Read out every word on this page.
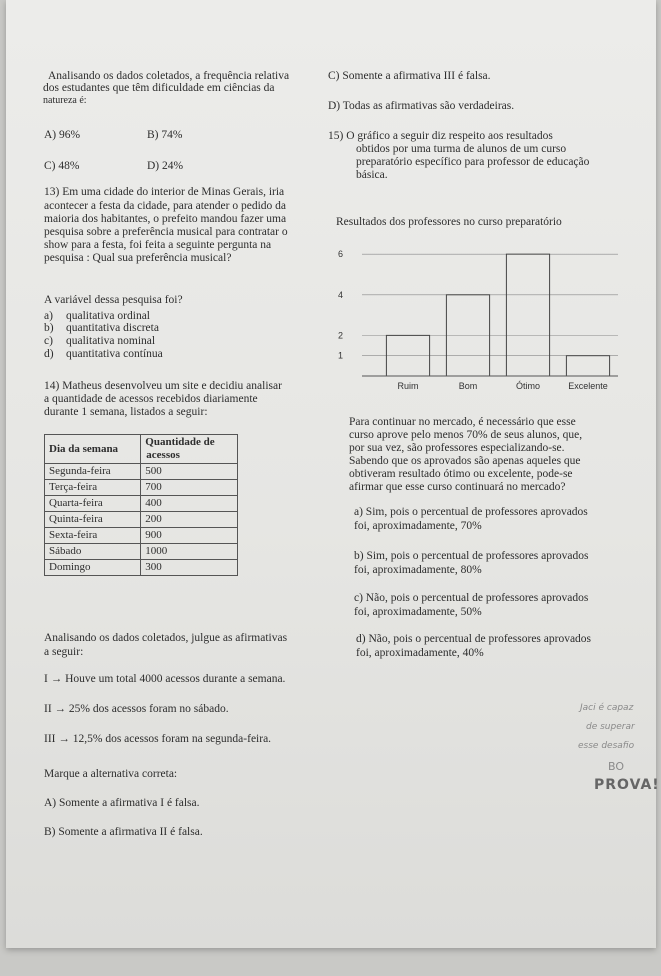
Analisando os dados coletados, a frequência relativa
dos estudantes que têm dificuldade em ciências da
natureza é:
A) 96%	B) 74%
C) 48%	D) 24%
13) Em uma cidade do interior de Minas Gerais, iria
acontecer a festa da cidade, para atender o pedido da
maioria dos habitantes, o prefeito mandou fazer uma
pesquisa sobre a preferência musical para contratar o
show para a festa, foi feita a seguinte pergunta na
pesquisa : Qual sua preferência musical?
A variável dessa pesquisa foi?
a) qualitativa ordinal
b) quantitativa discreta
c) qualitativa nominal
d) quantitativa contínua
14) Matheus desenvolveu um site e decidiu analisar
a quantidade de acessos recebidos diariamente
durante 1 semana, listados a seguir:
Dia da semana	Quantidade de
acessos
Segunda-feira	500
Terça-feira	700
Quarta-feira	400
Quinta-feira	200
Sexta-feira	900
Sábado	1000
Domingo	300
Analisando os dados coletados, julgue as afirmativas
a seguir:
I → Houve um total 4000 acessos durante a semana.
II → 25% dos acessos foram no sábado.
III → 12,5% dos acessos foram na segunda-feira.
Marque a alternativa correta:
A) Somente a afirmativa I é falsa.
B) Somente a afirmativa II é falsa.
C) Somente a afirmativa III é falsa.
D) Todas as afirmativas são verdadeiras.
15) O gráfico a seguir diz respeito aos resultados
obtidos por uma turma de alunos de um curso
preparatório específico para professor de educação
básica.
Resultados dos professores no curso preparatório
1
2
4
6
Ruim	Bom	Ótimo	Excelente
Para continuar no mercado, é necessário que esse
curso aprove pelo menos 70% de seus alunos, que,
por sua vez, são professores especializando-se.
Sabendo que os aprovados são apenas aqueles que
obtiveram resultado ótimo ou excelente, pode-se
afirmar que esse curso continuará no mercado?
a) Sim, pois o percentual de professores aprovados
foi, aproximadamente, 70%
b) Sim, pois o percentual de professores aprovados
foi, aproximadamente, 80%
c) Não, pois o percentual de professores aprovados
foi, aproximadamente, 50%
d) Não, pois o percentual de professores aprovados
foi, aproximadamente, 40%
Jaci é capaz
de superar
esse desafio
BO
PROVA!
